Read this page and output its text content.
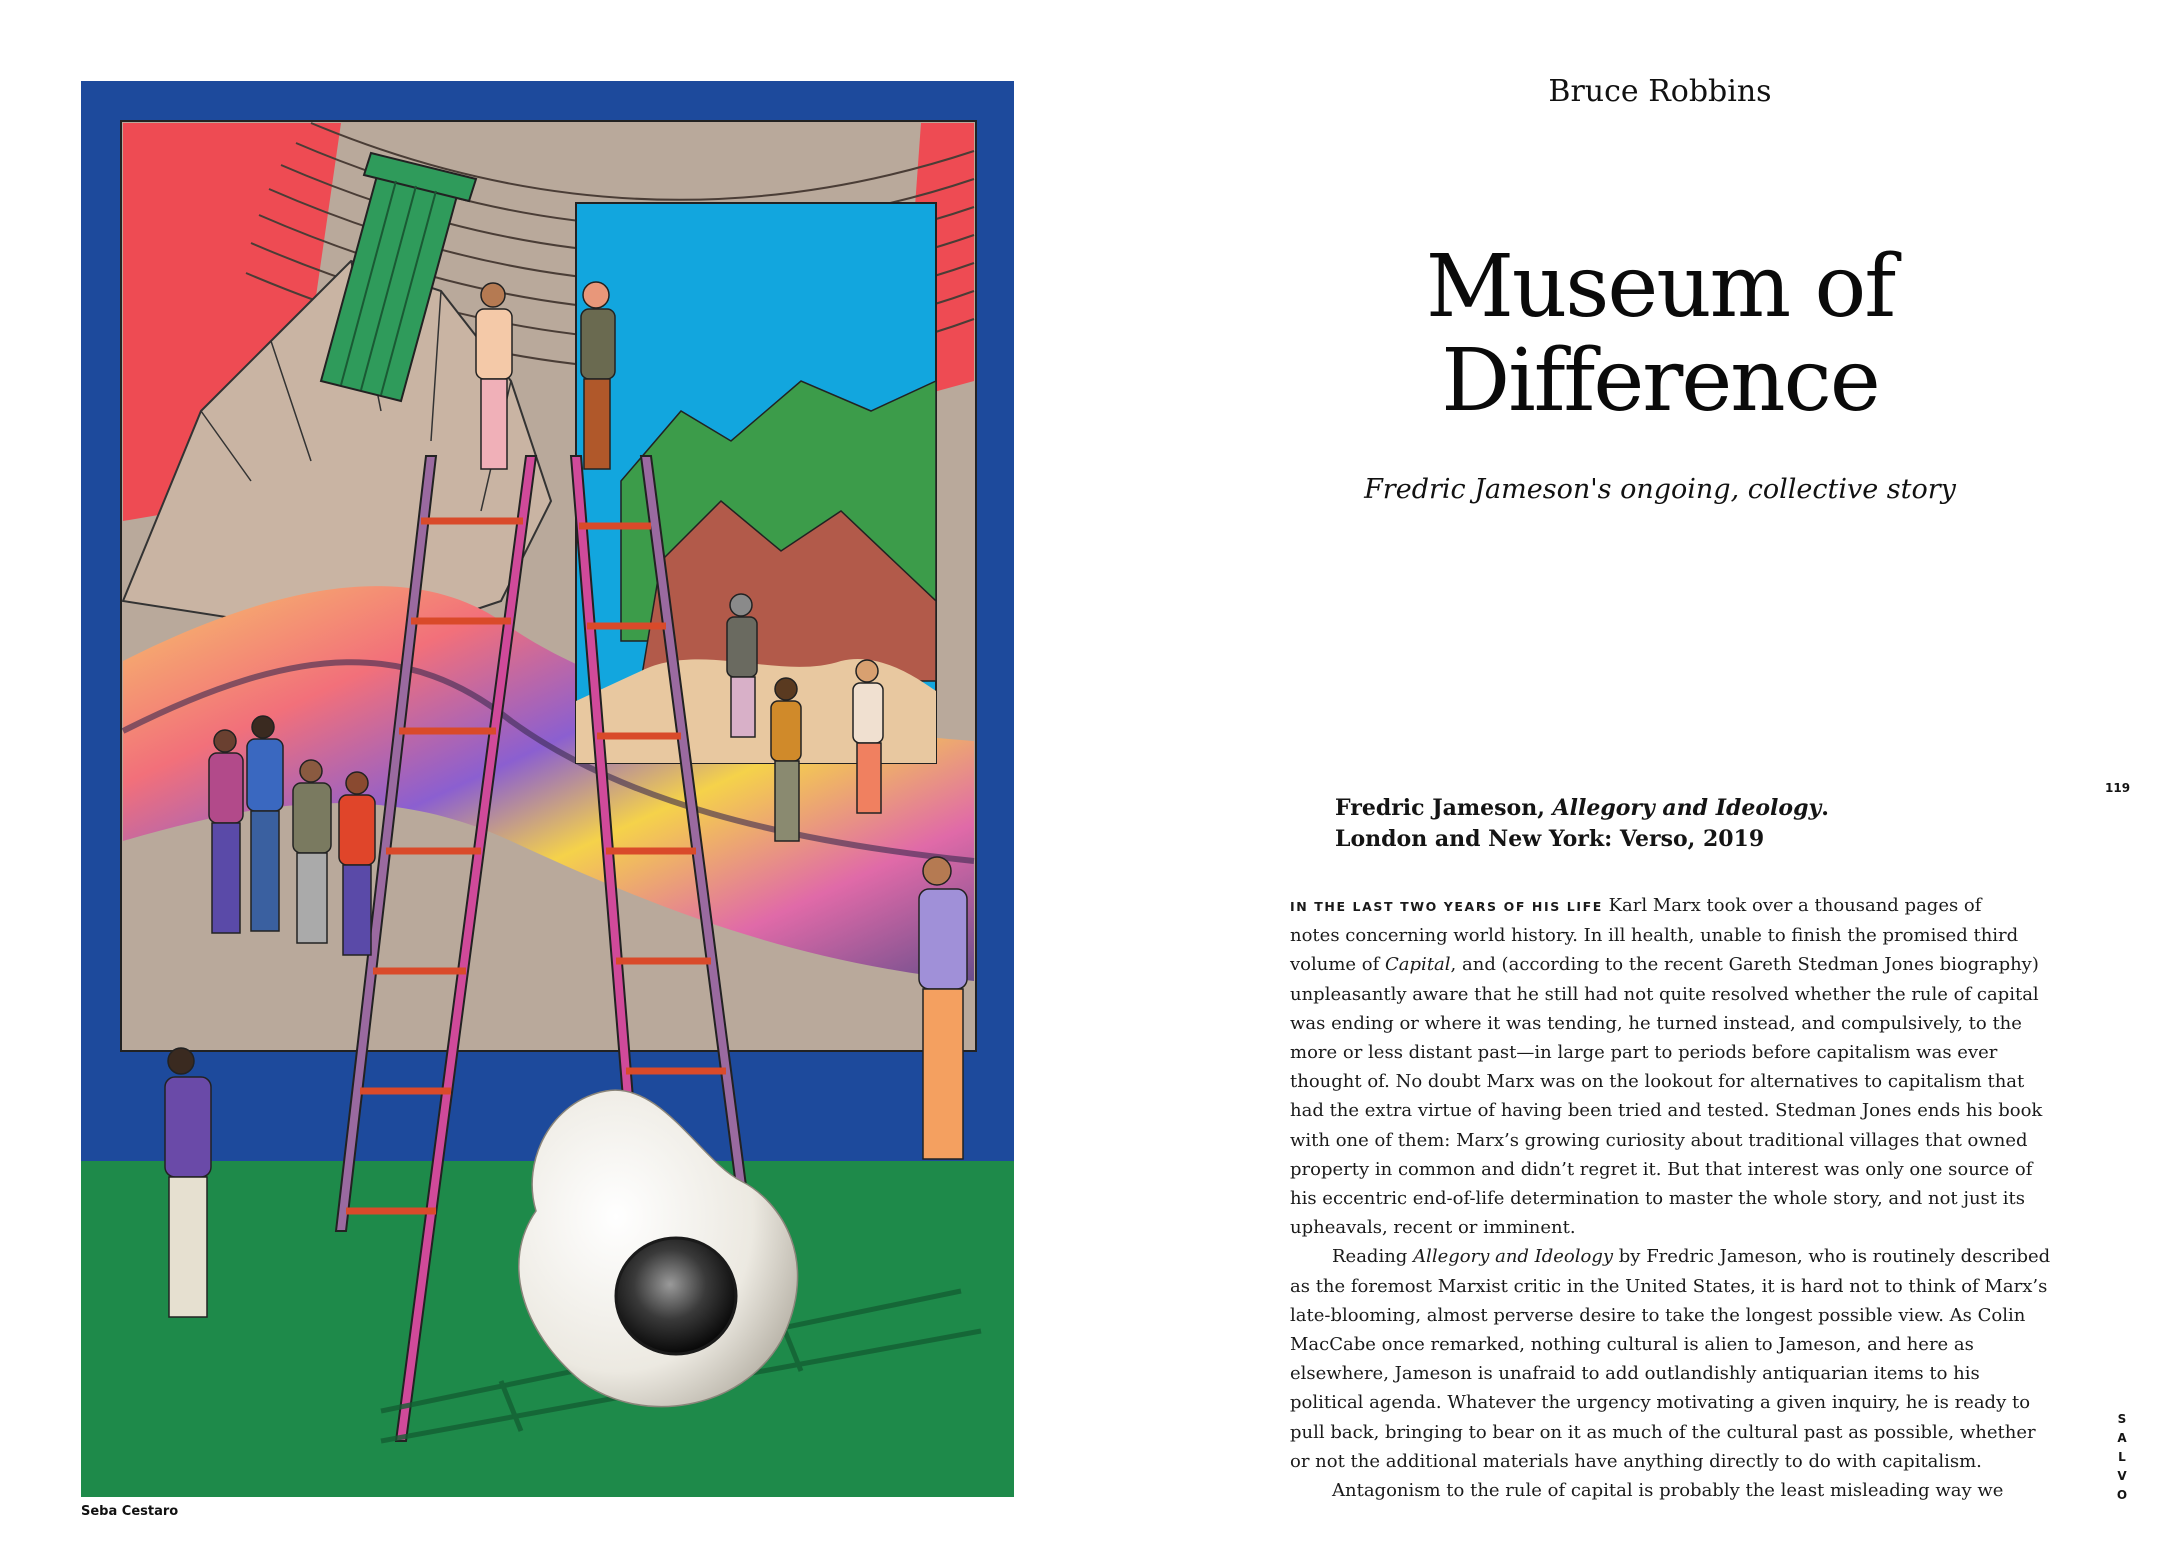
Seba Cestaro
Bruce Robbins
Museum of
Difference
Fredric Jameson's ongoing, collective story
119
S
A
L
V
O
Fredric Jameson, Allegory and Ideology.
London and New York: Verso, 2019
IN THE LAST TWO YEARS OF HIS LIFE Karl Marx took over a thousand pages of
notes concerning world history. In ill health, unable to finish the promised third
volume of Capital, and (according to the recent Gareth Stedman Jones biography)
unpleasantly aware that he still had not quite resolved whether the rule of capital
was ending or where it was tending, he turned instead, and compulsively, to the
more or less distant past—in large part to periods before capitalism was ever
thought of. No doubt Marx was on the lookout for alternatives to capitalism that
had the extra virtue of having been tried and tested. Stedman Jones ends his book
with one of them: Marx’s growing curiosity about traditional villages that owned
property in common and didn’t regret it. But that interest was only one source of
his eccentric end-of-life determination to master the whole story, and not just its
upheavals, recent or imminent.
Reading Allegory and Ideology by Fredric Jameson, who is routinely described
as the foremost Marxist critic in the United States, it is hard not to think of Marx’s
late-blooming, almost perverse desire to take the longest possible view. As Colin
MacCabe once remarked, nothing cultural is alien to Jameson, and here as
elsewhere, Jameson is unafraid to add outlandishly antiquarian items to his
political agenda. Whatever the urgency motivating a given inquiry, he is ready to
pull back, bringing to bear on it as much of the cultural past as possible, whether
or not the additional materials have anything directly to do with capitalism.
Antagonism to the rule of capital is probably the least misleading way we
